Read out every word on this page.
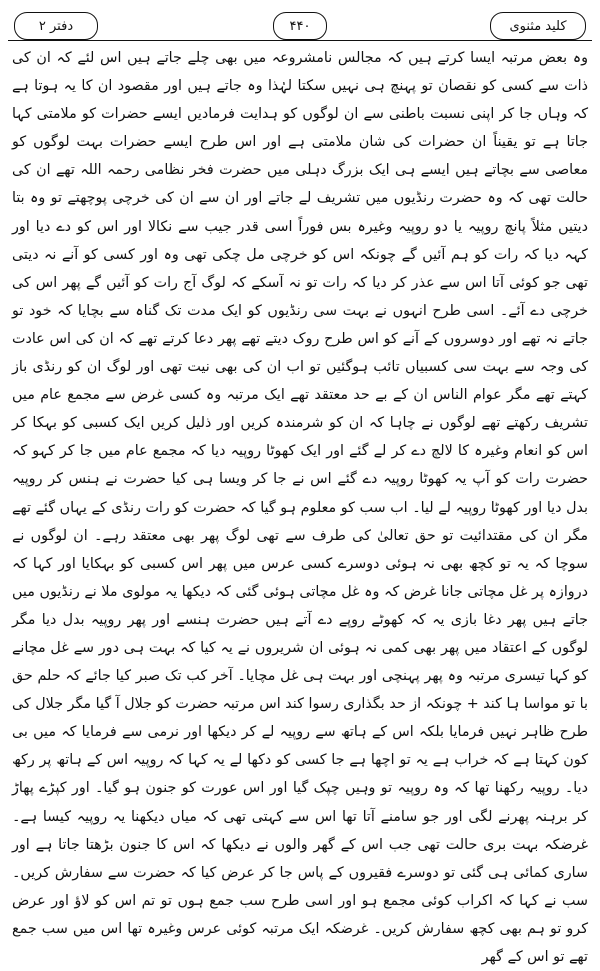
کلید مثنوی
۴۴۰
دفتر ۲

وہ بعض مرتبہ ایسا کرتے ہیں کہ مجالس نامشروعہ میں بھی چلے جاتے ہیں اس لئے کہ ان کی ذات سے کسی کو نقصان تو پہنچ ہی نہیں سکتا لہٰذا وہ جاتے ہیں اور مقصود ان کا یہ ہوتا ہے کہ وہاں جا کر اپنی نسبت باطنی سے ان لوگوں کو ہدایت فرمادیں ایسے حضرات کو ملامتی کہا جاتا ہے تو یقیناً ان حضرات کی شان ملامتی ہے اور اس طرح ایسے حضرات بہت لوگوں کو معاصی سے بچاتے ہیں ایسے ہی ایک بزرگ دہلی میں حضرت فخر نظامی رحمہ اللہ تھے ان کی حالت تھی کہ وہ حضرت رنڈیوں میں تشریف لے جاتے اور ان سے ان کی خرچی پوچھتے تو وہ بتا دیتیں مثلاً پانچ روپیہ یا دو روپیہ وغیرہ بس فوراً اسی قدر جیب سے نکالا اور اس کو دے دیا اور کہہ دیا کہ رات کو ہم آئیں گے چونکہ اس کو خرچی مل چکی تھی وہ اور کسی کو آنے نہ دیتی تھی جو کوئی آتا اس سے عذر کر دیا کہ رات تو نہ آسکے کہ لوگ آج رات کو آئیں گے پھر اس کی خرچی دے آئے۔ اسی طرح انہوں نے بہت سی رنڈیوں کو ایک مدت تک گناہ سے بچایا کہ خود تو جاتے نہ تھے اور دوسروں کے آنے کو اس طرح روک دیتے تھے پھر دعا کرتے تھے کہ ان کی اس عادت کی وجہ سے بہت سی کسبیاں تائب ہوگئیں تو اب ان کی بھی نیت تھی اور لوگ ان کو رنڈی باز کہتے تھے مگر عوام الناس ان کے بے حد معتقد تھے ایک مرتبہ وہ کسی غرض سے مجمع عام میں تشریف رکھتے تھے لوگوں نے چاہا کہ ان کو شرمندہ کریں اور ذلیل کریں ایک کسبی کو بہکا کر اس کو انعام وغیرہ کا لالچ دے کر لے گئے اور ایک کھوٹا روپیہ دیا کہ مجمع عام میں جا کر کہو کہ حضرت رات کو آپ یہ کھوٹا روپیہ دے گئے اس نے جا کر ویسا ہی کیا حضرت نے ہنس کر روپیہ بدل دیا اور کھوٹا روپیہ لے لیا۔ اب سب کو معلوم ہو گیا کہ حضرت کو رات رنڈی کے یہاں گئے تھے مگر ان کی مقتدائیت تو حق تعالیٰ کی طرف سے تھی لوگ پھر بھی معتقد رہے۔ ان لوگوں نے سوچا کہ یہ تو کچھ بھی نہ ہوئی دوسرے کسی عرس میں پھر اس کسبی کو بہکایا اور کہا کہ دروازہ پر غل مچاتی جانا غرض کہ وہ غل مچاتی ہوئی گئی کہ دیکھا یہ مولوی ملا نے رنڈیوں میں جاتے ہیں پھر دغا بازی یہ کہ کھوٹے روپے دے آتے ہیں حضرت ہنسے اور پھر روپیہ بدل دیا مگر لوگوں کے اعتقاد میں پھر بھی کمی نہ ہوئی ان شریروں نے یہ کیا کہ بہت ہی دور سے غل مچانے کو کہا تیسری مرتبہ وہ پھر پہنچی اور بہت ہی غل مچایا۔ آخر کب تک صبر کیا جائے کہ حلم حق با تو مواسا ہا کند + چونکہ از حد بگذاری رسوا کند اس مرتبہ حضرت کو جلال آ گیا مگر جلال کی طرح ظاہر نہیں فرمایا بلکہ اس کے ہاتھ سے روپیہ لے کر دیکھا اور نرمی سے فرمایا کہ میں بی کون کہتا ہے کہ خراب ہے یہ تو اچھا ہے جا کسی کو دکھا لے یہ کہا کہ روپیہ اس کے ہاتھ پر رکھ دیا۔ روپیہ رکھنا تھا کہ وہ روپیہ تو وہیں چپک گیا اور اس عورت کو جنون ہو گیا۔ اور کپڑے پھاڑ کر برہنہ پھرنے لگی اور جو سامنے آتا تھا اس سے کہتی تھی کہ میاں دیکھنا یہ روپیہ کیسا ہے۔ غرضکہ بہت بری حالت تھی جب اس کے گھر والوں نے دیکھا کہ اس کا جنون بڑھتا جاتا ہے اور ساری کمائی ہی گئی تو دوسرے فقیروں کے پاس جا کر عرض کیا کہ حضرت سے سفارش کریں۔ سب نے کہا کہ اکراب کوئی مجمع ہو اور اسی طرح سب جمع ہوں تو تم اس کو لاؤ اور عرض کرو تو ہم بھی کچھ سفارش کریں۔ غرضکہ ایک مرتبہ کوئی عرس وغیرہ تھا اس میں سب جمع تھے تو اس کے گھر
